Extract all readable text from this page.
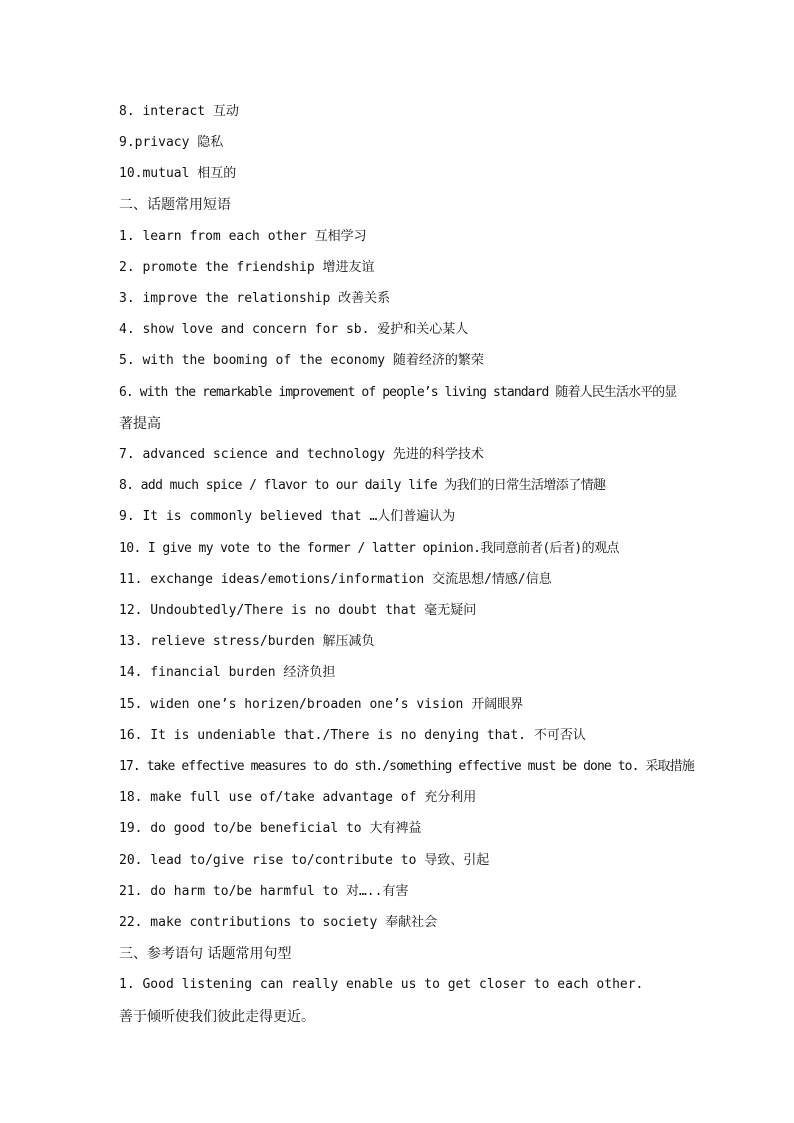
8. interact 互动
9.privacy 隐私
10.mutual 相互的
二、话题常用短语
1. learn from each other 互相学习
2. promote the friendship 增进友谊
3. improve the relationship 改善关系
4. show love and concern for sb. 爱护和关心某人
5. with the booming of the economy 随着经济的繁荣
6. with the remarkable improvement of people’s living standard 随着人民生活水平的显
著提高
7. advanced science and technology 先进的科学技术
8. add much spice / flavor to our daily life 为我们的日常生活增添了情趣
9. It is commonly believed that …人们普遍认为
10. I give my vote to the former / latter opinion.我同意前者(后者)的观点
11. exchange ideas/emotions/information 交流思想/情感/信息
12. Undoubtedly/There is no doubt that 毫无疑问
13. relieve stress/burden 解压减负
14. financial burden 经济负担
15. widen one’s horizen/broaden one’s vision 开阔眼界
16. It is undeniable that./There is no denying that. 不可否认
17. take effective measures to do sth./something effective must be done to. 采取措施
18. make full use of/take advantage of 充分利用
19. do good to/be beneficial to 大有裨益
20. lead to/give rise to/contribute to 导致、引起
21. do harm to/be harmful to 对…..有害
22. make contributions to society 奉献社会
三、参考语句 话题常用句型
1. Good listening can really enable us to get closer to each other.
善于倾听使我们彼此走得更近。
